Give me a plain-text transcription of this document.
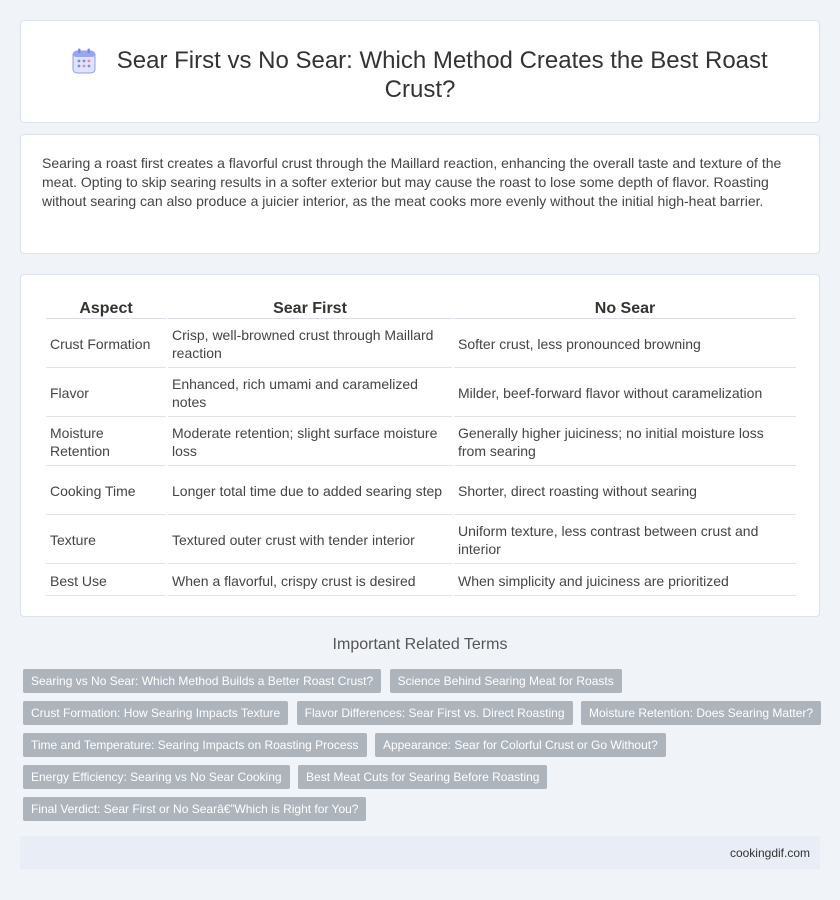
Sear First vs No Sear: Which Method Creates the Best Roast Crust?

Searing a roast first creates a flavorful crust through the Maillard reaction, enhancing the overall taste and texture of the meat. Opting to skip searing results in a softer exterior but may cause the roast to lose some depth of flavor. Roasting without searing can also produce a juicier interior, as the meat cooks more evenly without the initial high-heat barrier.

Aspect	Sear First	No Sear
Crust Formation	Crisp, well-browned crust through Maillard reaction	Softer crust, less pronounced browning
Flavor	Enhanced, rich umami and caramelized notes	Milder, beef-forward flavor without caramelization
Moisture Retention	Moderate retention; slight surface moisture loss	Generally higher juiciness; no initial moisture loss from searing
Cooking Time	Longer total time due to added searing step	Shorter, direct roasting without searing
Texture	Textured outer crust with tender interior	Uniform texture, less contrast between crust and interior
Best Use	When a flavorful, crispy crust is desired	When simplicity and juiciness are prioritized
Important Related Terms
Searing vs No Sear: Which Method Builds a Better Roast Crust? Science Behind Searing Meat for Roasts
Crust Formation: How Searing Impacts Texture Flavor Differences: Sear First vs. Direct Roasting Moisture Retention: Does Searing Matter?
Time and Temperature: Searing Impacts on Roasting Process Appearance: Sear for Colorful Crust or Go Without?
Energy Efficiency: Searing vs No Sear Cooking Best Meat Cuts for Searing Before Roasting
Final Verdict: Sear First or No Searâ€”Which is Right for You?
cookingdif.com
